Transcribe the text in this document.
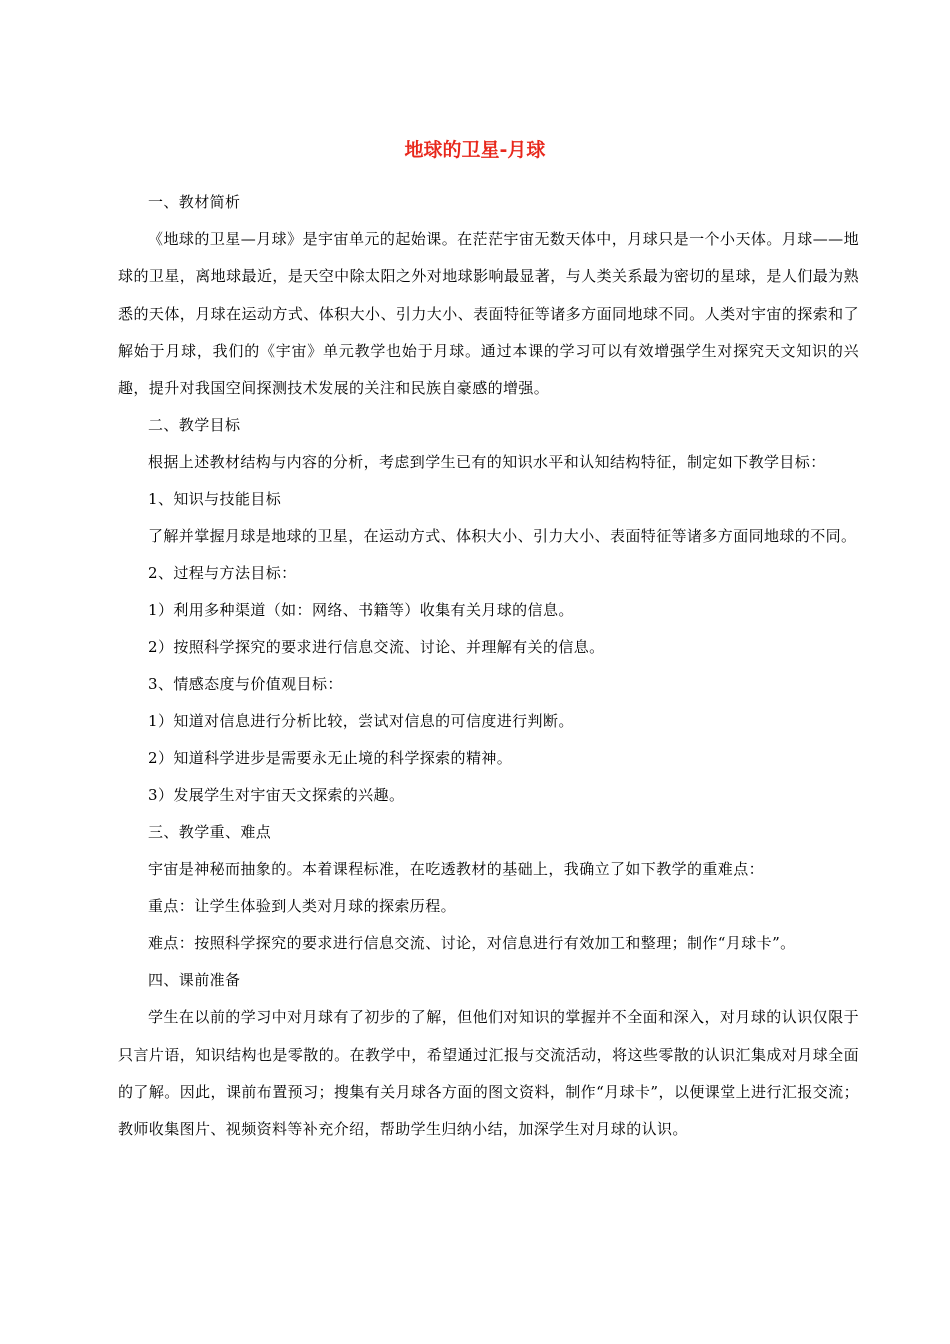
地球的卫星-月球

一、教材简析

《地球的卫星—月球》是宇宙单元的起始课。在茫茫宇宙无数天体中，月球只是一个小天体。月球——地球的卫星，离地球最近，是天空中除太阳之外对地球影响最显著，与人类关系最为密切的星球，是人们最为熟悉的天体，月球在运动方式、体积大小、引力大小、表面特征等诸多方面同地球不同。人类对宇宙的探索和了解始于月球，我们的《宇宙》单元教学也始于月球。通过本课的学习可以有效增强学生对探究天文知识的兴趣，提升对我国空间探测技术发展的关注和民族自豪感的增强。

二、教学目标

根据上述教材结构与内容的分析，考虑到学生已有的知识水平和认知结构特征，制定如下教学目标：

1、知识与技能目标

了解并掌握月球是地球的卫星，在运动方式、体积大小、引力大小、表面特征等诸多方面同地球的不同。

2、过程与方法目标：

1）利用多种渠道（如：网络、书籍等）收集有关月球的信息。

2）按照科学探究的要求进行信息交流、讨论、并理解有关的信息。

3、情感态度与价值观目标：

1）知道对信息进行分析比较，尝试对信息的可信度进行判断。

2）知道科学进步是需要永无止境的科学探索的精神。

3）发展学生对宇宙天文探索的兴趣。

三、教学重、难点

宇宙是神秘而抽象的。本着课程标准，在吃透教材的基础上，我确立了如下教学的重难点：

重点：让学生体验到人类对月球的探索历程。

难点：按照科学探究的要求进行信息交流、讨论，对信息进行有效加工和整理；制作“月球卡”。

四、课前准备

学生在以前的学习中对月球有了初步的了解，但他们对知识的掌握并不全面和深入，对月球的认识仅限于只言片语，知识结构也是零散的。在教学中，希望通过汇报与交流活动，将这些零散的认识汇集成对月球全面的了解。因此，课前布置预习；搜集有关月球各方面的图文资料，制作“月球卡”，以便课堂上进行汇报交流；教师收集图片、视频资料等补充介绍，帮助学生归纳小结，加深学生对月球的认识。
